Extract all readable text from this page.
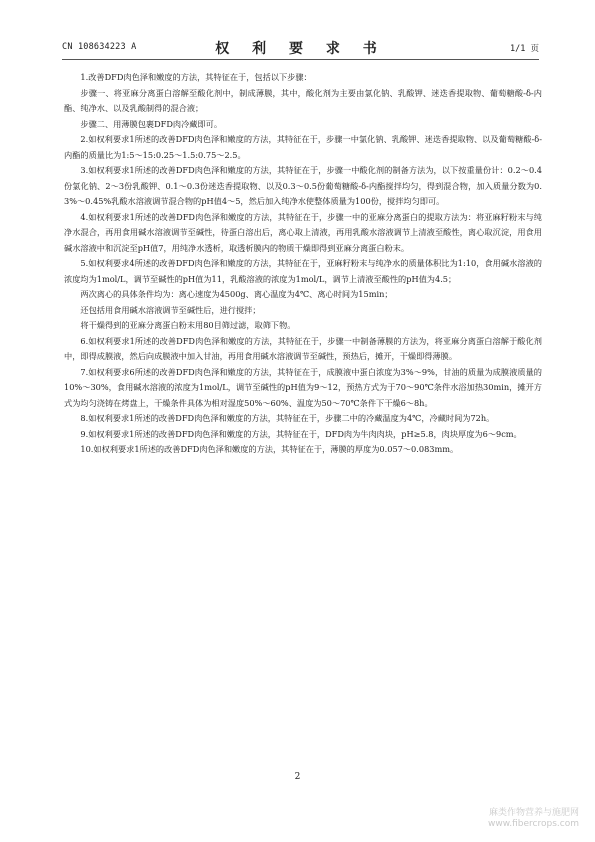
CN 108634223 A	权 利 要 求 书	1/1 页

1.改善DFD肉色泽和嫩度的方法，其特征在于，包括以下步骤：

步骤一、将亚麻分离蛋白溶解至酸化剂中，制成薄膜，其中，酸化剂为主要由氯化钠、乳酸钾、迷迭香提取物、葡萄糖酸-δ-内酯、纯净水、以及乳酸制得的混合液；

步骤二、用薄膜包裹DFD肉冷藏即可。

2.如权利要求1所述的改善DFD肉色泽和嫩度的方法，其特征在于，步骤一中氯化钠、乳酸钾、迷迭香提取物、以及葡萄糖酸-δ-内酯的质量比为1:5～15:0.25～1.5:0.75～2.5。

3.如权利要求1所述的改善DFD肉色泽和嫩度的方法，其特征在于，步骤一中酸化剂的制备方法为，以下按重量份计：0.2～0.4份氯化钠、2～3份乳酸钾、0.1～0.3份迷迭香提取物、以及0.3～0.5份葡萄糖酸-δ-内酯搅拌均匀，得到混合物，加入质量分数为0.3%～0.45%乳酸水溶液调节混合物的pH值4～5，然后加入纯净水使整体质量为100份，搅拌均匀即可。

4.如权利要求1所述的改善DFD肉色泽和嫩度的方法，其特征在于，步骤一中的亚麻分离蛋白的提取方法为：将亚麻籽粉末与纯净水混合，再用食用碱水溶液调节至碱性，待蛋白溶出后，离心取上清液，再用乳酸水溶液调节上清液至酸性，离心取沉淀，用食用碱水溶液中和沉淀至pH值7，用纯净水透析，取透析膜内的物质干燥即得到亚麻分离蛋白粉末。

5.如权利要求4所述的改善DFD肉色泽和嫩度的方法，其特征在于，亚麻籽粉末与纯净水的质量体积比为1:10，食用碱水溶液的浓度均为1mol/L，调节至碱性的pH值为11，乳酸溶液的浓度为1mol/L，调节上清液至酸性的pH值为4.5；

两次离心的具体条件均为：离心速度为4500g、离心温度为4℃、离心时间为15min；

还包括用食用碱水溶液调节至碱性后，进行搅拌；

将干燥得到的亚麻分离蛋白粉末用80目筛过滤，取筛下物。

6.如权利要求1所述的改善DFD肉色泽和嫩度的方法，其特征在于，步骤一中制备薄膜的方法为，将亚麻分离蛋白溶解于酸化剂中，即得成膜液，然后向成膜液中加入甘油，再用食用碱水溶液调节至碱性，预热后，摊开，干燥即得薄膜。

7.如权利要求6所述的改善DFD肉色泽和嫩度的方法，其特征在于，成膜液中蛋白浓度为3%～9%，甘油的质量为成膜液质量的10%～30%，食用碱水溶液的浓度为1mol/L，调节至碱性的pH值为9～12，预热方式为于70～90℃条件水浴加热30min，摊开方式为均匀浇铸在烤盘上，干燥条件具体为相对湿度50%～60%、温度为50～70℃条件下干燥6～8h。

8.如权利要求1所述的改善DFD肉色泽和嫩度的方法，其特征在于，步骤二中的冷藏温度为4℃，冷藏时间为72h。

9.如权利要求1所述的改善DFD肉色泽和嫩度的方法，其特征在于，DFD肉为牛肉肉块，pH≥5.8，肉块厚度为6～9cm。

10.如权利要求1所述的改善DFD肉色泽和嫩度的方法，其特征在于，薄膜的厚度为0.057～0.083mm。

2
麻类作物营养与施肥网
www.fibercrops.com
